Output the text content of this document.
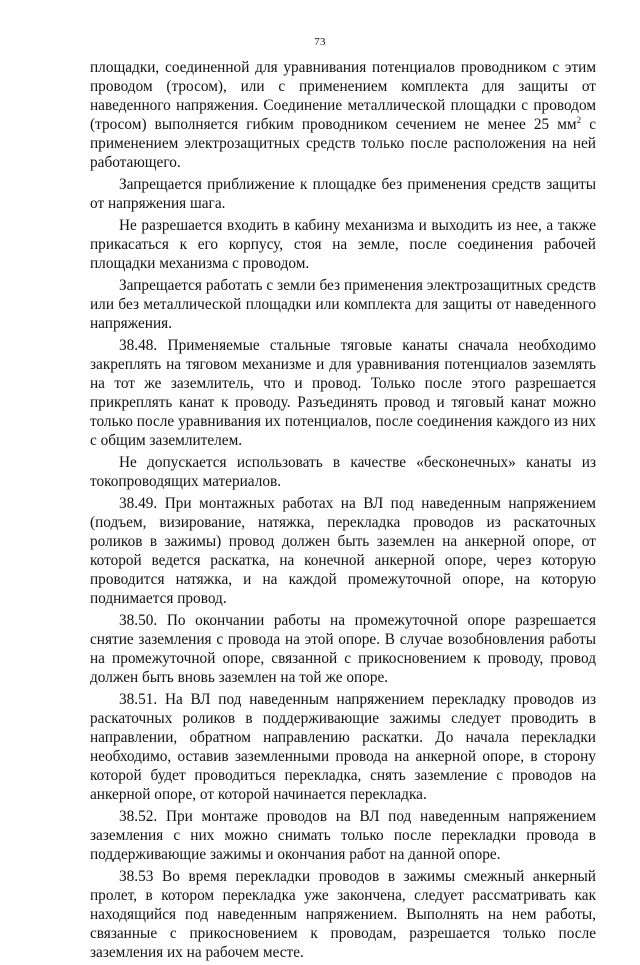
73

площадки, соединенной для уравнивания потенциалов проводником с этим проводом (тросом), или с применением комплекта для защиты от наведенного напряжения. Соединение металлической площадки с проводом (тросом) выполняется гибким проводником сечением не менее 25 $мм^2$ с применением электрозащитных средств только после расположения на ней работающего.

Запрещается приближение к площадке без применения средств защиты от напряжения шага.

Не разрешается входить в кабину механизма и выходить из нее, а также прикасаться к его корпусу, стоя на земле, после соединения рабочей площадки механизма с проводом.

Запрещается работать с земли без применения электрозащитных средств или без металлической площадки или комплекта для защиты от наведенного напряжения.

38.48. Применяемые стальные тяговые канаты сначала необходимо закреплять на тяговом механизме и для уравнивания потенциалов заземлять на тот же заземлитель, что и провод. Только после этого разрешается прикреплять канат к проводу. Разъединять провод и тяговый канат можно только после уравнивания их потенциалов, после соединения каждого из них с общим заземлителем.

Не допускается использовать в качестве «бесконечных» канаты из токопроводящих материалов.

38.49. При монтажных работах на ВЛ под наведенным напряжением (подъем, визирование, натяжка, перекладка проводов из раскаточных роликов в зажимы) провод должен быть заземлен на анкерной опоре, от которой ведется раскатка, на конечной анкерной опоре, через которую проводится натяжка, и на каждой промежуточной опоре, на которую поднимается провод.

38.50. По окончании работы на промежуточной опоре разрешается снятие заземления с провода на этой опоре. В случае возобновления работы на промежуточной опоре, связанной с прикосновением к проводу, провод должен быть вновь заземлен на той же опоре.

38.51. На ВЛ под наведенным напряжением перекладку проводов из раскаточных роликов в поддерживающие зажимы следует проводить в направлении, обратном направлению раскатки. До начала перекладки необходимо, оставив заземленными провода на анкерной опоре, в сторону которой будет проводиться перекладка, снять заземление с проводов на анкерной опоре, от которой начинается перекладка.

38.52. При монтаже проводов на ВЛ под наведенным напряжением заземления с них можно снимать только после перекладки провода в поддерживающие зажимы и окончания работ на данной опоре.

38.53 Во время перекладки проводов в зажимы смежный анкерный пролет, в котором перекладка уже закончена, следует рассматривать как находящийся под наведенным напряжением. Выполнять на нем работы, связанные с прикосновением к проводам, разрешается только после заземления их на рабочем месте.
